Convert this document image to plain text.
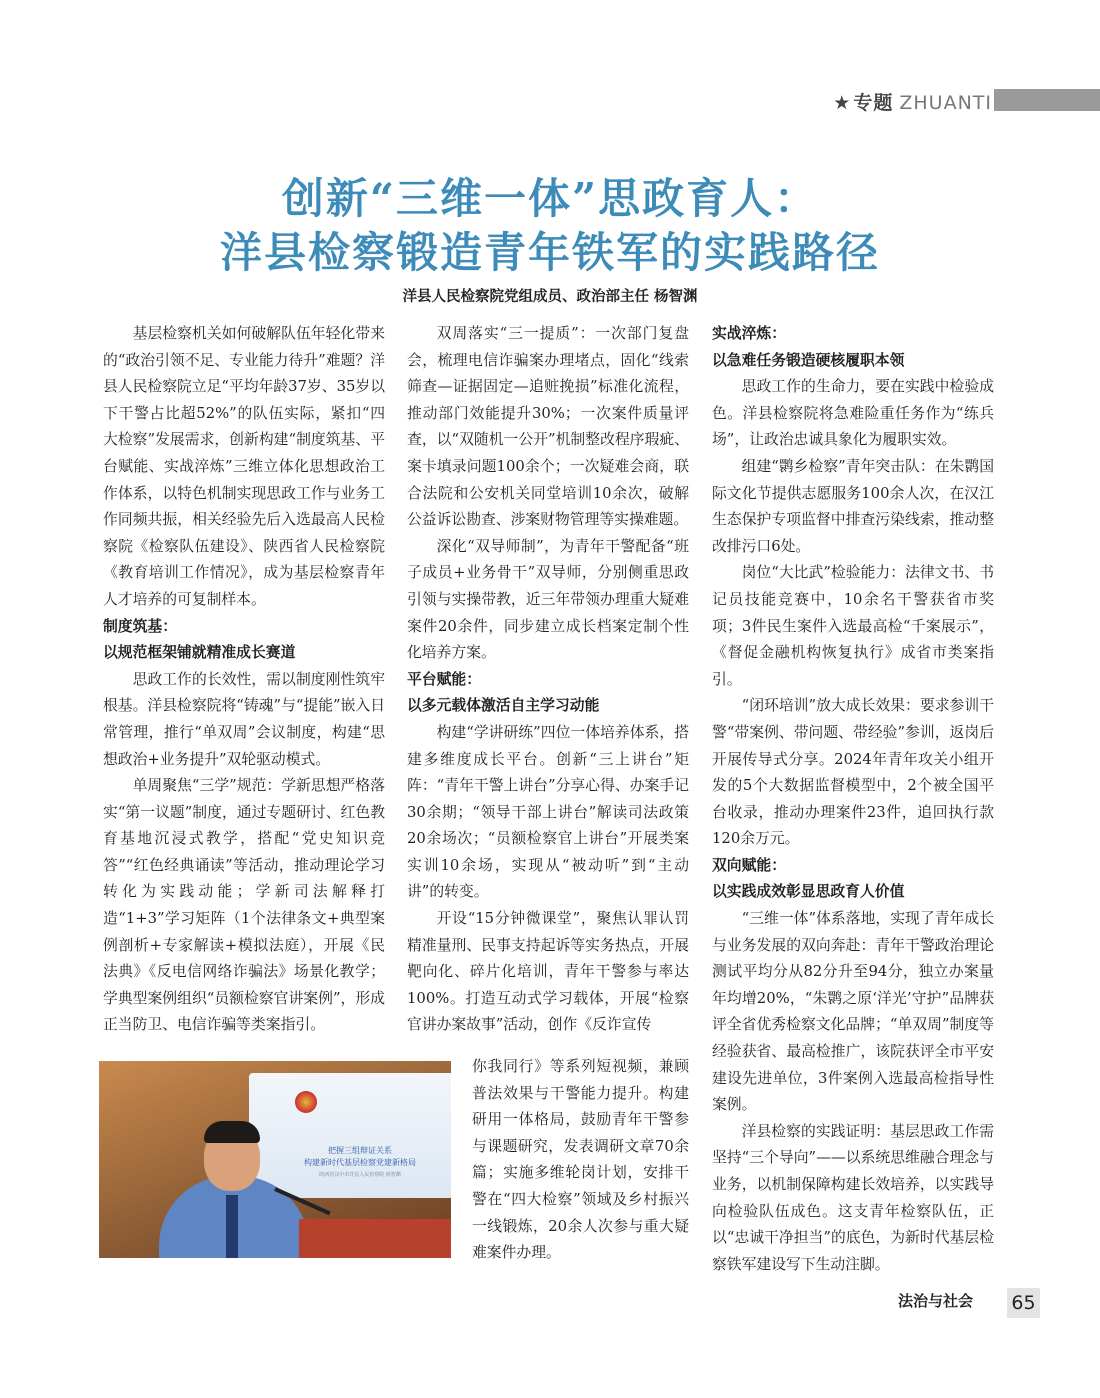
★ 专题 ZHUANTI
创新“三维一体”思政育人：
洋县检察锻造青年铁军的实践路径
洋县人民检察院党组成员、政治部主任 杨智渊

基层检察机关如何破解队伍年轻化带来的“政治引领不足、专业能力待升”难题？洋县人民检察院立足“平均年龄37岁、35岁以下干警占比超52%”的队伍实际，紧扣“四大检察”发展需求，创新构建“制度筑基、平台赋能、实战淬炼”三维立体化思想政治工作体系，以特色机制实现思政工作与业务工作同频共振，相关经验先后入选最高人民检察院《检察队伍建设》、陕西省人民检察院《教育培训工作情况》，成为基层检察青年人才培养的可复制样本。

制度筑基：

以规范框架铺就精准成长赛道

思政工作的长效性，需以制度刚性筑牢根基。洋县检察院将“铸魂”与“提能”嵌入日常管理，推行“单双周”会议制度，构建“思想政治+业务提升”双轮驱动模式。

单周聚焦“三学”规范：学新思想严格落实“第一议题”制度，通过专题研讨、红色教育基地沉浸式教学，搭配“党史知识竞答”“红色经典诵读”等活动，推动理论学习转化为实践动能；学新司法解释打造“1+3”学习矩阵（1个法律条文+典型案例剖析+专家解读+模拟法庭），开展《民法典》《反电信网络诈骗法》场景化教学；学典型案例组织“员额检察官讲案例”，形成正当防卫、电信诈骗等类案指引。

双周落实“三一提质”：一次部门复盘会，梳理电信诈骗案办理堵点，固化“线索筛查—证据固定—追赃挽损”标准化流程，推动部门效能提升30%；一次案件质量评查，以“双随机一公开”机制整改程序瑕疵、案卡填录问题100余个；一次疑难会商，联合法院和公安机关同堂培训10余次，破解公益诉讼勘查、涉案财物管理等实操难题。

深化“双导师制”，为青年干警配备“班子成员+业务骨干”双导师，分别侧重思政引领与实操带教，近三年带领办理重大疑难案件20余件，同步建立成长档案定制个性化培养方案。

平台赋能：

以多元载体激活自主学习动能

构建“学讲研练”四位一体培养体系，搭建多维度成长平台。创新“三上讲台”矩阵：“青年干警上讲台”分享心得、办案手记30余期；“领导干部上讲台”解读司法政策20余场次；“员额检察官上讲台”开展类案实训10余场，实现从“被动听”到“主动讲”的转变。

开设“15分钟微课堂”，聚焦认罪认罚精准量刑、民事支持起诉等实务热点，开展靶向化、碎片化培训，青年干警参与率达100%。打造互动式学习载体，开展“检察官讲办案故事”活动，创作《反诈宣传

你我同行》等系列短视频，兼顾普法效果与干警能力提升。构建研用一体格局，鼓励青年干警参与课题研究，发表调研文章70余篇；实施多维轮岗计划，安排干警在“四大检察”领域及乡村振兴一线锻炼，20余人次参与重大疑难案件办理。

实战淬炼：

以急难任务锻造硬核履职本领

思政工作的生命力，要在实践中检验成色。洋县检察院将急难险重任务作为“练兵场”，让政治忠诚具象化为履职实效。

组建“鹮乡检察”青年突击队：在朱鹮国际文化节提供志愿服务100余人次，在汉江生态保护专项监督中排查污染线索，推动整改排污口6处。

岗位“大比武”检验能力：法律文书、书记员技能竞赛中，10余名干警获省市奖项；3件民生案件入选最高检“千案展示”，《督促金融机构恢复执行》成省市类案指引。

“闭环培训”放大成长效果：要求参训干警“带案例、带问题、带经验”参训，返岗后开展传导式分享。2024年青年攻关小组开发的5个大数据监督模型中，2个被全国平台收录，推动办理案件23件，追回执行款120余万元。

双向赋能：

以实践成效彰显思政育人价值

“三维一体”体系落地，实现了青年成长与业务发展的双向奔赴：青年干警政治理论测试平均分从82分升至94分，独立办案量年均增20%，“朱鹮之原‘洋光’守护”品牌获评全省优秀检察文化品牌；“单双周”制度等经验获省、最高检推广，该院获评全市平安建设先进单位，3件案例入选最高检指导性案例。

洋县检察的实践证明：基层思政工作需坚持“三个导向”——以系统思维融合理念与业务，以机制保障构建长效培养，以实践导向检验队伍成色。这支青年检察队伍，正以“忠诚干净担当”的底色，为新时代基层检察铁军建设写下生动注脚。

把握三组辩证关系
构建新时代基层检察党建新格局
陕西省汉中市洋县人民检察院 杨智渊
法治与社会 65
